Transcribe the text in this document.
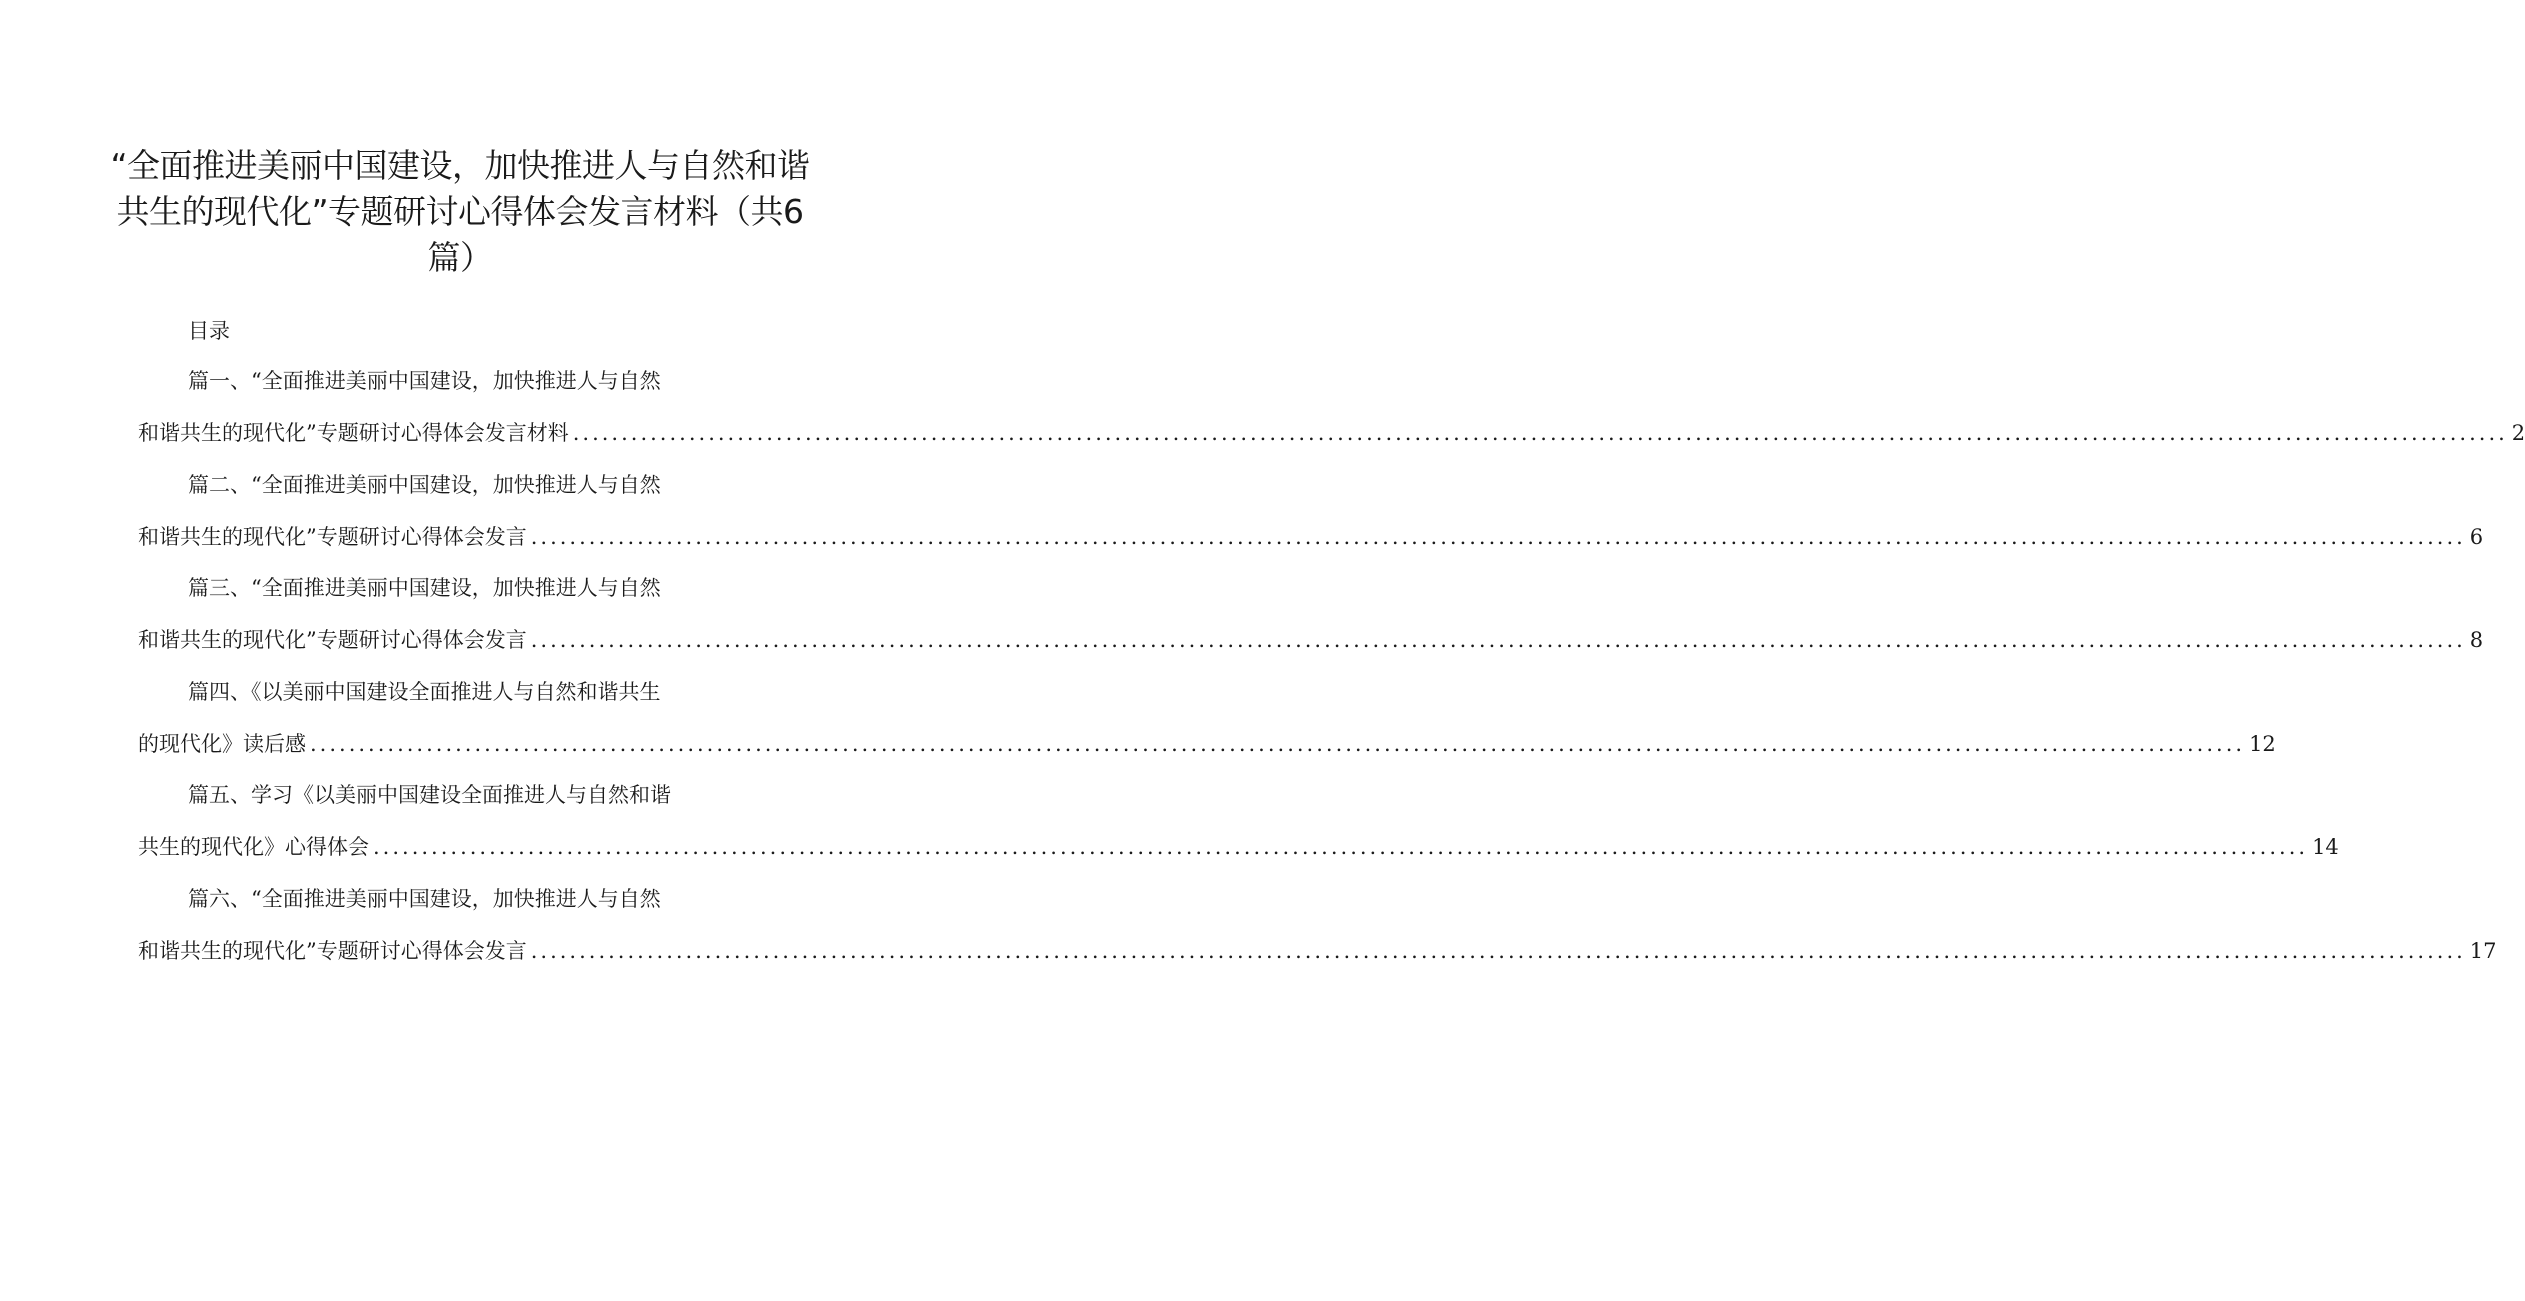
“全面推进美丽中国建设，加快推进人与自然和谐共生的现代化”专题研讨心得体会发言材料（共6篇）
目录
篇一、“全面推进美丽中国建设，加快推进人与自然
和谐共生的现代化”专题研讨心得体会发言材料 ........................................................................................................................................................................................................ 2
篇二、“全面推进美丽中国建设，加快推进人与自然
和谐共生的现代化”专题研讨心得体会发言 ........................................................................................................................................................................................................ 6
篇三、“全面推进美丽中国建设，加快推进人与自然
和谐共生的现代化”专题研讨心得体会发言 ........................................................................................................................................................................................................ 8
篇四、《以美丽中国建设全面推进人与自然和谐共生
的现代化》读后感 ........................................................................................................................................................................................................ 12
篇五、学习《以美丽中国建设全面推进人与自然和谐
共生的现代化》心得体会 ........................................................................................................................................................................................................ 14
篇六、“全面推进美丽中国建设，加快推进人与自然
和谐共生的现代化”专题研讨心得体会发言 ........................................................................................................................................................................................................ 17
